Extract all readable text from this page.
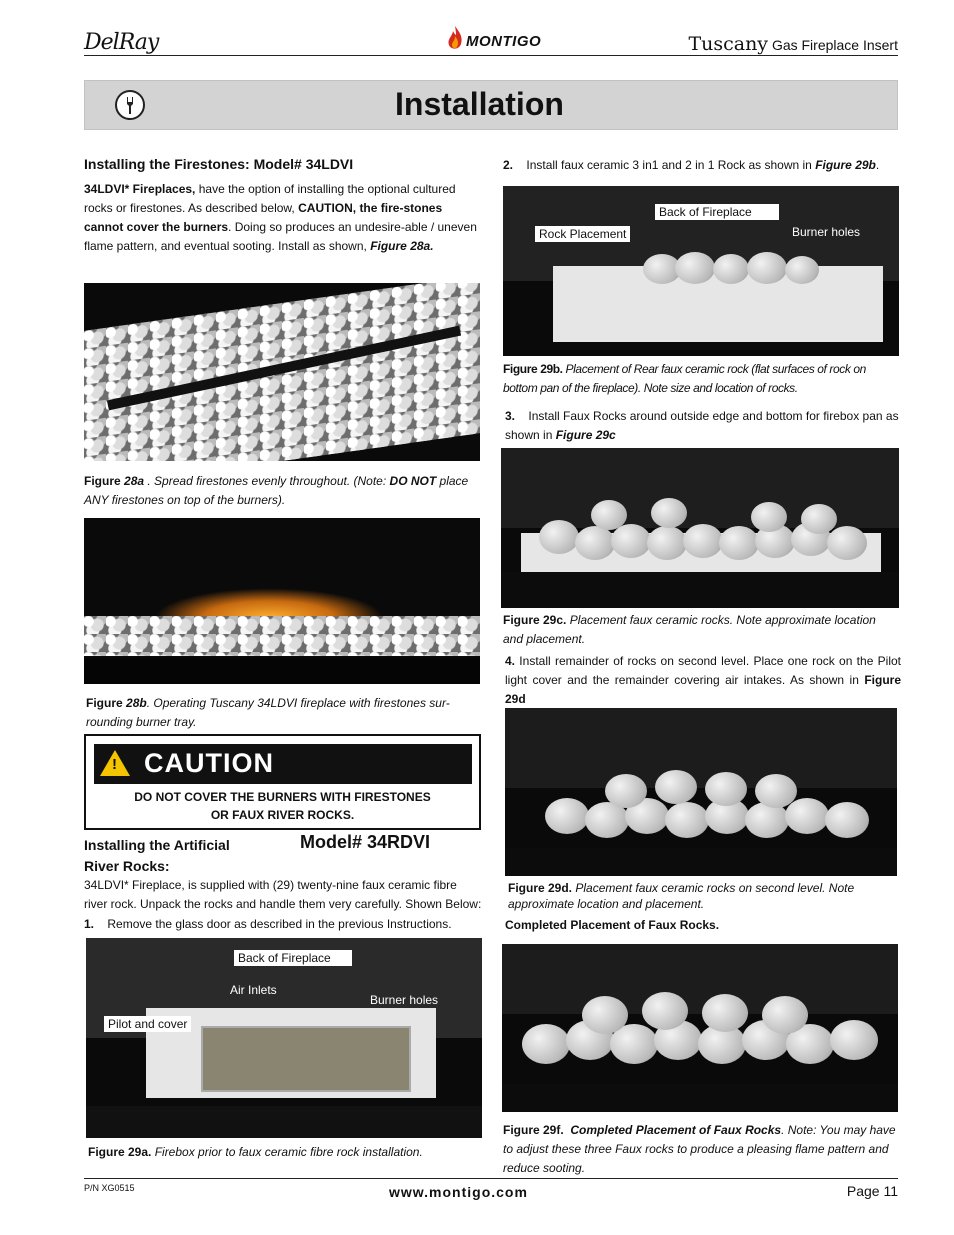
DelRay	MONTIGO	Tuscany Gas Fireplace Insert
Installation
Installing the Firestones: Model# 34LDVI
34LDVI* Fireplaces, have the option of installing the optional cultured rocks or firestones. As described below, CAUTION, the fire-stones cannot cover the burners. Doing so produces an undesire-able / uneven flame pattern, and eventual sooting. Install as shown, Figure 28a.
Figure 28a . Spread firestones evenly throughout. (Note: DO NOT place ANY firestones on top of the burners).
Figure 28b. Operating Tuscany 34LDVI fireplace with firestones sur-rounding burner tray.
! CAUTION
DO NOT COVER THE BURNERS WITH FIRESTONES
OR FAUX RIVER ROCKS.
Installing the Artificial
River Rocks:
Model# 34RDVI
34LDVI* Fireplace, is supplied with (29) twenty-nine faux ceramic fibre river rock. Unpack the rocks and handle them very carefully. Shown Below:
1. Remove the glass door as described in the previous Instructions.
Back of Fireplace
Air Inlets
Burner holes
Pilot and cover
Figure 29a. Firebox prior to faux ceramic fibre rock installation.
2. Install faux ceramic 3 in1 and 2 in 1 Rock as shown in Figure 29b.
Back of Fireplace
Rock Placement	Burner holes
Figure 29b. Placement of Rear faux ceramic rock (flat surfaces of rock on bottom pan of the fireplace). Note size and location of rocks.
3. Install Faux Rocks around outside edge and bottom for firebox pan as shown in Figure 29c
Figure 29c. Placement faux ceramic rocks. Note approximate location and placement.
4. Install remainder of rocks on second level. Place one rock on the Pilot light cover and the remainder covering air intakes. As shown in Figure 29d
Figure 29d. Placement faux ceramic rocks on second level. Note approximate location and placement.
Completed Placement of Faux Rocks.
Figure 29f. Completed Placement of Faux Rocks. Note: You may have to adjust these three Faux rocks to produce a pleasing flame pattern and reduce sooting.
P/N XG0515	www.montigo.com	Page 11
